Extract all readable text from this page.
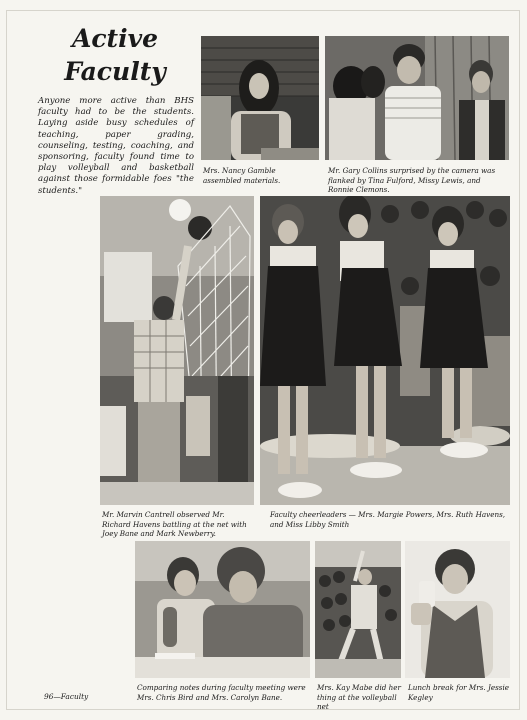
Active
Faculty

Anyone more active than BHS faculty had to be the students. Laying aside busy schedules of teaching, paper grading, counseling, testing, coaching, and sponsoring, faculty found time to play volleyball and basketball against those formidable foes "the students."

Mrs. Nancy Gamble assembled materials.

Mr. Gary Collins surprised by the camera was flanked by Tina Fulford, Missy Lewis, and Ronnie Clemons.

Mr. Marvin Cantrell observed Mr. Richard Havens battling at the net with Joey Bane and Mark Newberry.

Faculty cheerleaders — Mrs. Margie Powers, Mrs. Ruth Havens, and Miss Libby Smith

Comparing notes during faculty meeting were Mrs. Chris Bird and Mrs. Carolyn Bane.

Mrs. Kay Mabe did her thing at the volleyball net

Lunch break for Mrs. Jessie Kegley

96—Faculty
